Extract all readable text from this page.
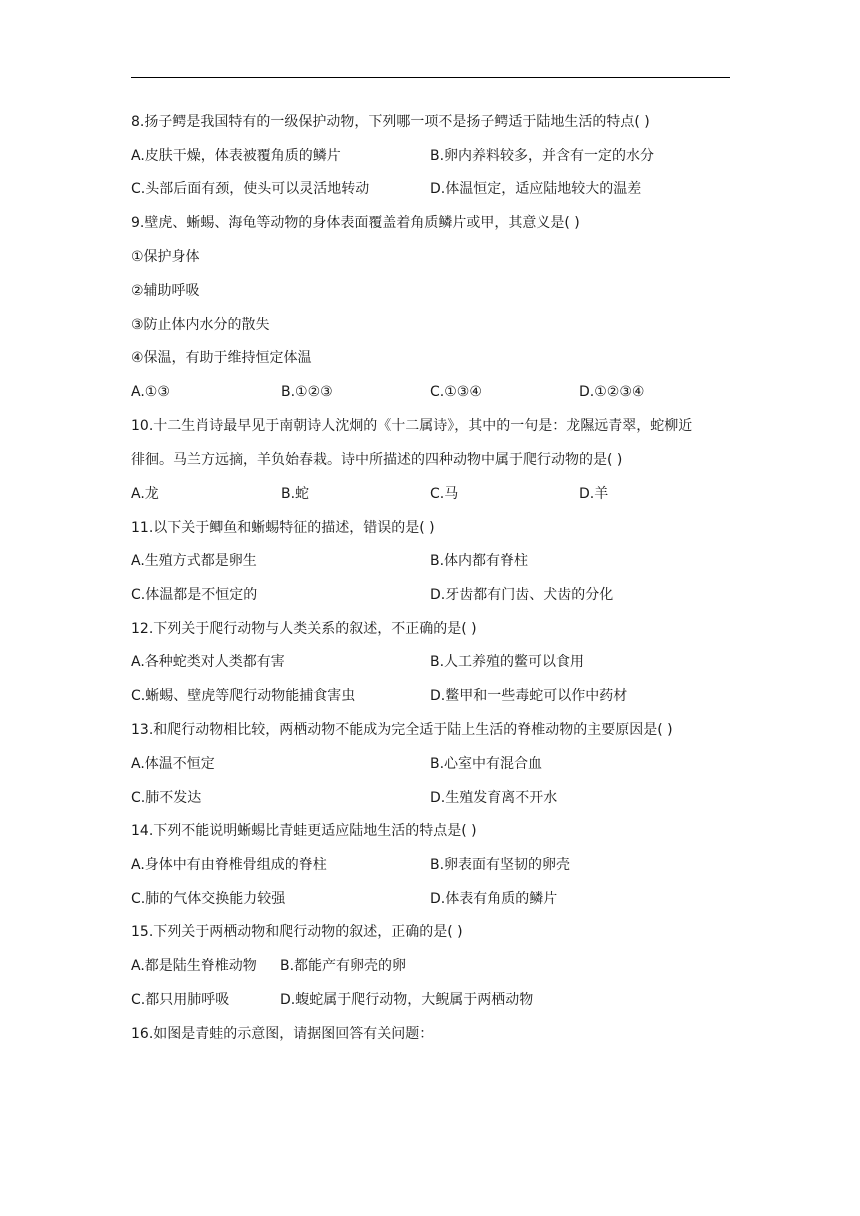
8.扬子鳄是我国特有的一级保护动物，下列哪一项不是扬子鳄适于陆地生活的特点( )
A.皮肤干燥，体表被覆角质的鳞片	B.卵内养料较多，并含有一定的水分
C.头部后面有颈，使头可以灵活地转动	D.体温恒定，适应陆地较大的温差
9.壁虎、蜥蜴、海龟等动物的身体表面覆盖着角质鳞片或甲，其意义是( )
①保护身体
②辅助呼吸
③防止体内水分的散失
④保温，有助于维持恒定体温
A.①③	B.①②③	C.①③④	D.①②③④
10.十二生肖诗最早见于南朝诗人沈炯的《十二属诗》，其中的一句是：龙隰远青翠，蛇柳近
徘徊。马兰方远摘，羊负始春栽。诗中所描述的四种动物中属于爬行动物的是( )
A.龙	B.蛇	C.马	D.羊
11.以下关于鲫鱼和蜥蜴特征的描述，错误的是( )
A.生殖方式都是卵生	B.体内都有脊柱
C.体温都是不恒定的	D.牙齿都有门齿、犬齿的分化
12.下列关于爬行动物与人类关系的叙述，不正确的是( )
A.各种蛇类对人类都有害	B.人工养殖的鳖可以食用
C.蜥蜴、壁虎等爬行动物能捕食害虫	D.鳖甲和一些毒蛇可以作中药材
13.和爬行动物相比较，两栖动物不能成为完全适于陆上生活的脊椎动物的主要原因是( )
A.体温不恒定	B.心室中有混合血
C.肺不发达	D.生殖发育离不开水
14.下列不能说明蜥蜴比青蛙更适应陆地生活的特点是( )
A.身体中有由脊椎骨组成的脊柱	B.卵表面有坚韧的卵壳
C.肺的气体交换能力较强	D.体表有角质的鳞片
15.下列关于两栖动物和爬行动物的叙述，正确的是( )
A.都是陆生脊椎动物 B.都能产有卵壳的卵
C.都只用肺呼吸	D.蝮蛇属于爬行动物，大鲵属于两栖动物
16.如图是青蛙的示意图，请据图回答有关问题：
